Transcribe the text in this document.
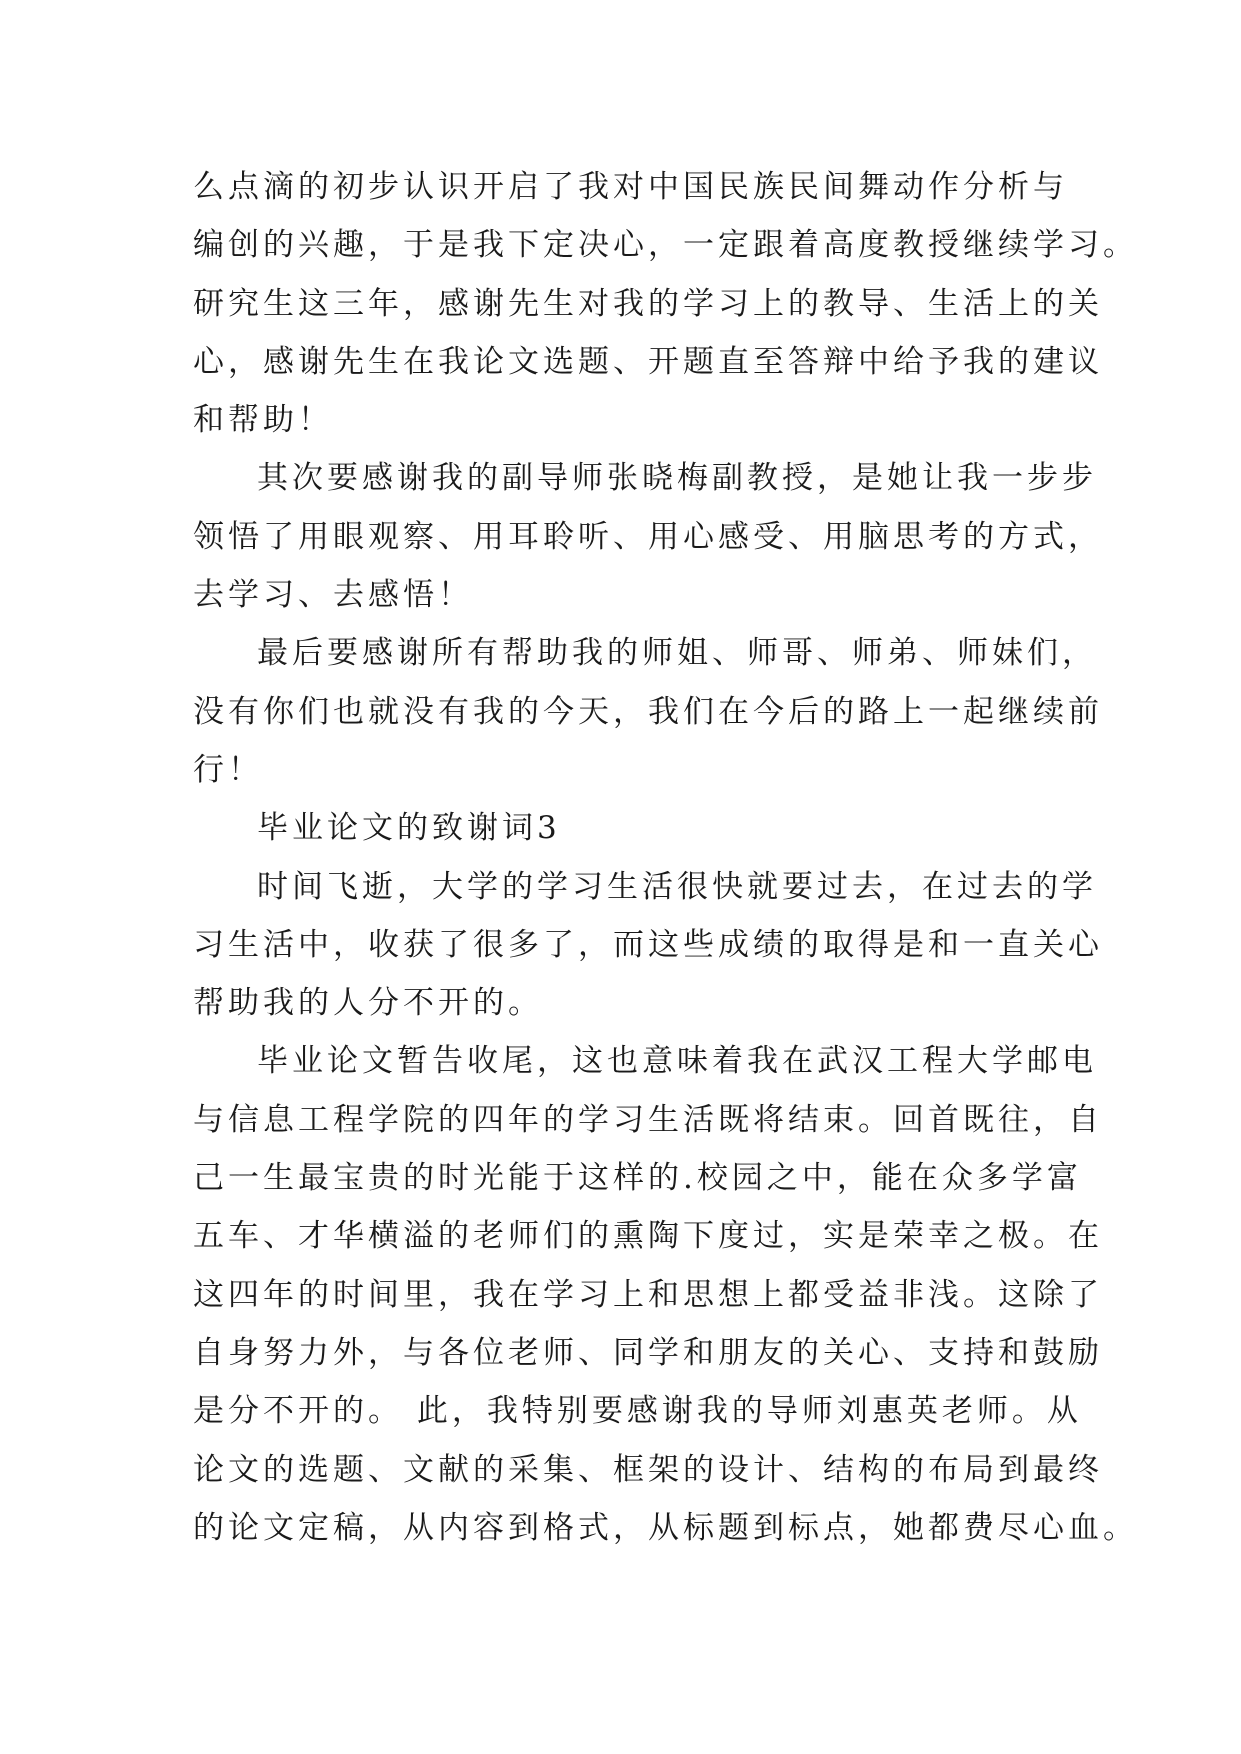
么点滴的初步认识开启了我对中国民族民间舞动作分析与
编创的兴趣，于是我下定决心，一定跟着高度教授继续学习。
研究生这三年，感谢先生对我的学习上的教导、生活上的关
心，感谢先生在我论文选题、开题直至答辩中给予我的建议
和帮助！
其次要感谢我的副导师张晓梅副教授，是她让我一步步
领悟了用眼观察、用耳聆听、用心感受、用脑思考的方式，
去学习、去感悟！
最后要感谢所有帮助我的师姐、师哥、师弟、师妹们，
没有你们也就没有我的今天，我们在今后的路上一起继续前
行！
毕业论文的致谢词3
时间飞逝，大学的学习生活很快就要过去，在过去的学
习生活中，收获了很多了，而这些成绩的取得是和一直关心
帮助我的人分不开的。
毕业论文暂告收尾，这也意味着我在武汉工程大学邮电
与信息工程学院的四年的学习生活既将结束。回首既往，自
己一生最宝贵的时光能于这样的.校园之中，能在众多学富
五车、才华横溢的老师们的熏陶下度过，实是荣幸之极。在
这四年的时间里，我在学习上和思想上都受益非浅。这除了
自身努力外，与各位老师、同学和朋友的关心、支持和鼓励
是分不开的。 此，我特别要感谢我的导师刘惠英老师。从
论文的选题、文献的采集、框架的设计、结构的布局到最终
的论文定稿，从内容到格式，从标题到标点，她都费尽心血。
